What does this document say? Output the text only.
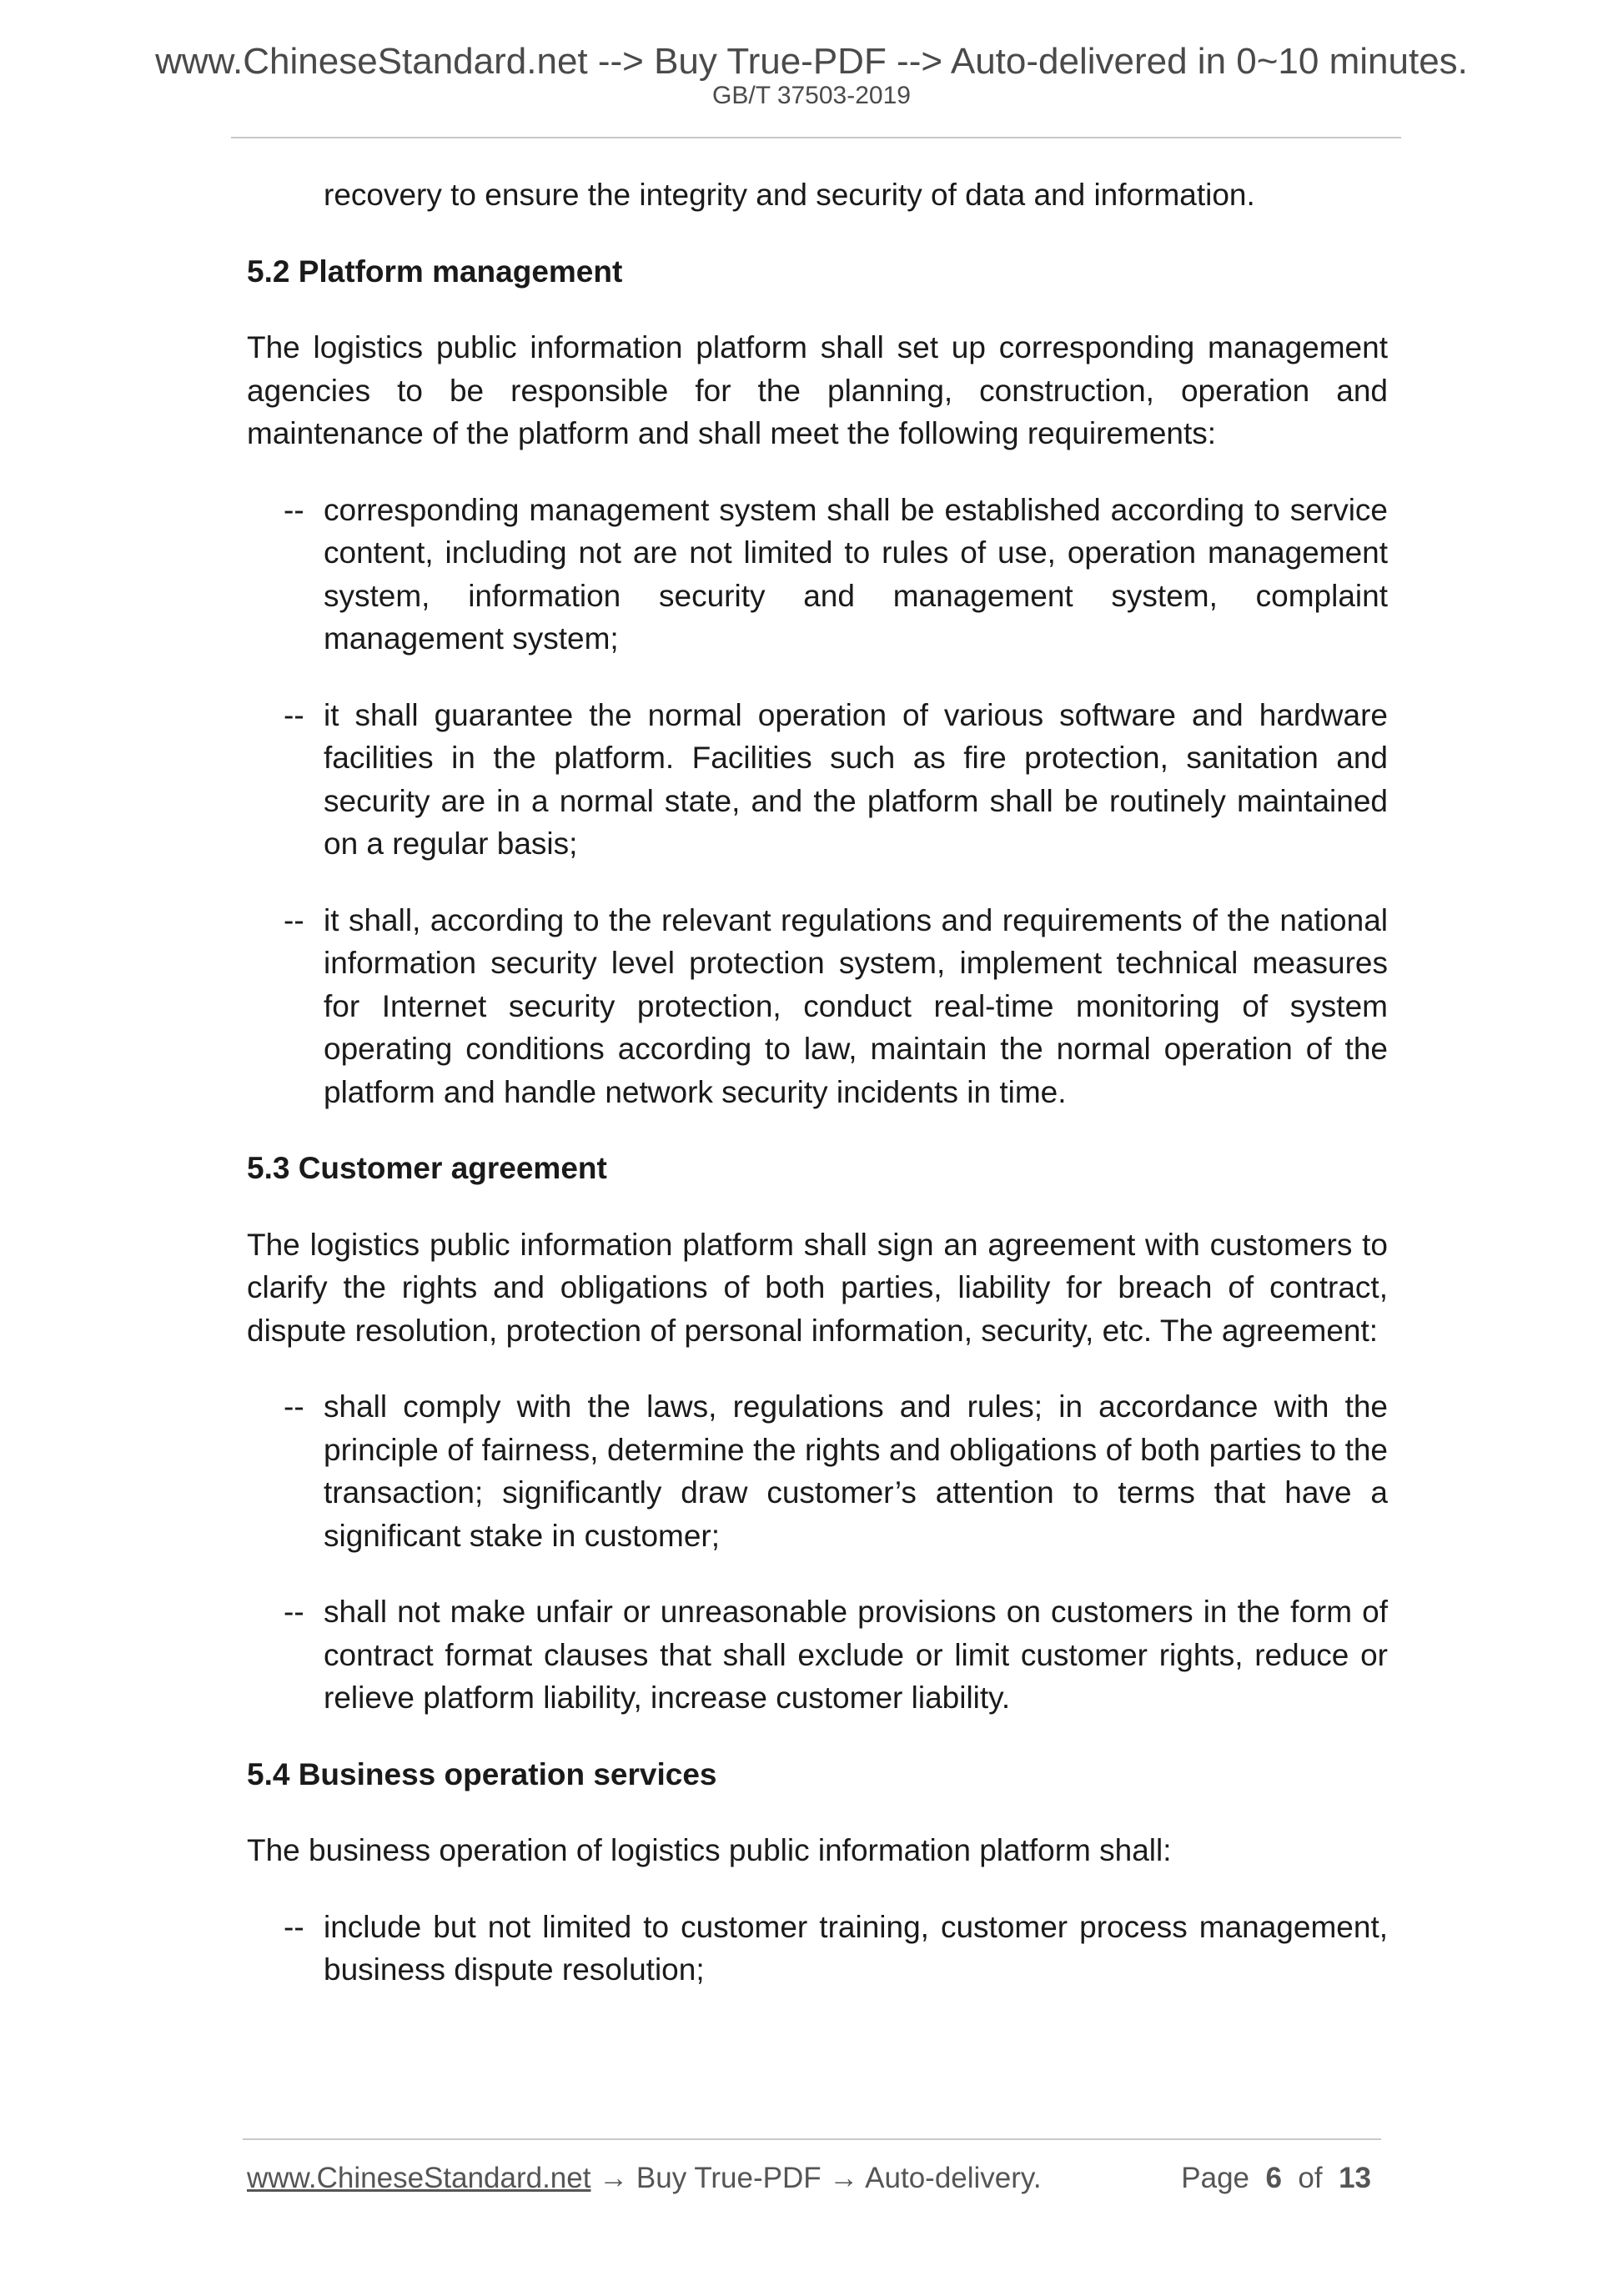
www.ChineseStandard.net --> Buy True-PDF --> Auto-delivered in 0~10 minutes.
GB/T 37503-2019

recovery to ensure the integrity and security of data and information.

5.2 Platform management

The logistics public information platform shall set up corresponding management agencies to be responsible for the planning, construction, operation and maintenance of the platform and shall meet the following requirements:

-- corresponding management system shall be established according to service content, including not are not limited to rules of use, operation management system, information security and management system, complaint management system;

-- it shall guarantee the normal operation of various software and hardware facilities in the platform. Facilities such as fire protection, sanitation and security are in a normal state, and the platform shall be routinely maintained on a regular basis;

-- it shall, according to the relevant regulations and requirements of the national information security level protection system, implement technical measures for Internet security protection, conduct real-time monitoring of system operating conditions according to law, maintain the normal operation of the platform and handle network security incidents in time.

5.3 Customer agreement

The logistics public information platform shall sign an agreement with customers to clarify the rights and obligations of both parties, liability for breach of contract, dispute resolution, protection of personal information, security, etc. The agreement:

-- shall comply with the laws, regulations and rules; in accordance with the principle of fairness, determine the rights and obligations of both parties to the transaction; significantly draw customer’s attention to terms that have a significant stake in customer;

-- shall not make unfair or unreasonable provisions on customers in the form of contract format clauses that shall exclude or limit customer rights, reduce or relieve platform liability, increase customer liability.

5.4 Business operation services

The business operation of logistics public information platform shall:

-- include but not limited to customer training, customer process management, business dispute resolution;

www.ChineseStandard.net → Buy True-PDF → Auto-delivery.	Page 6 of 13
